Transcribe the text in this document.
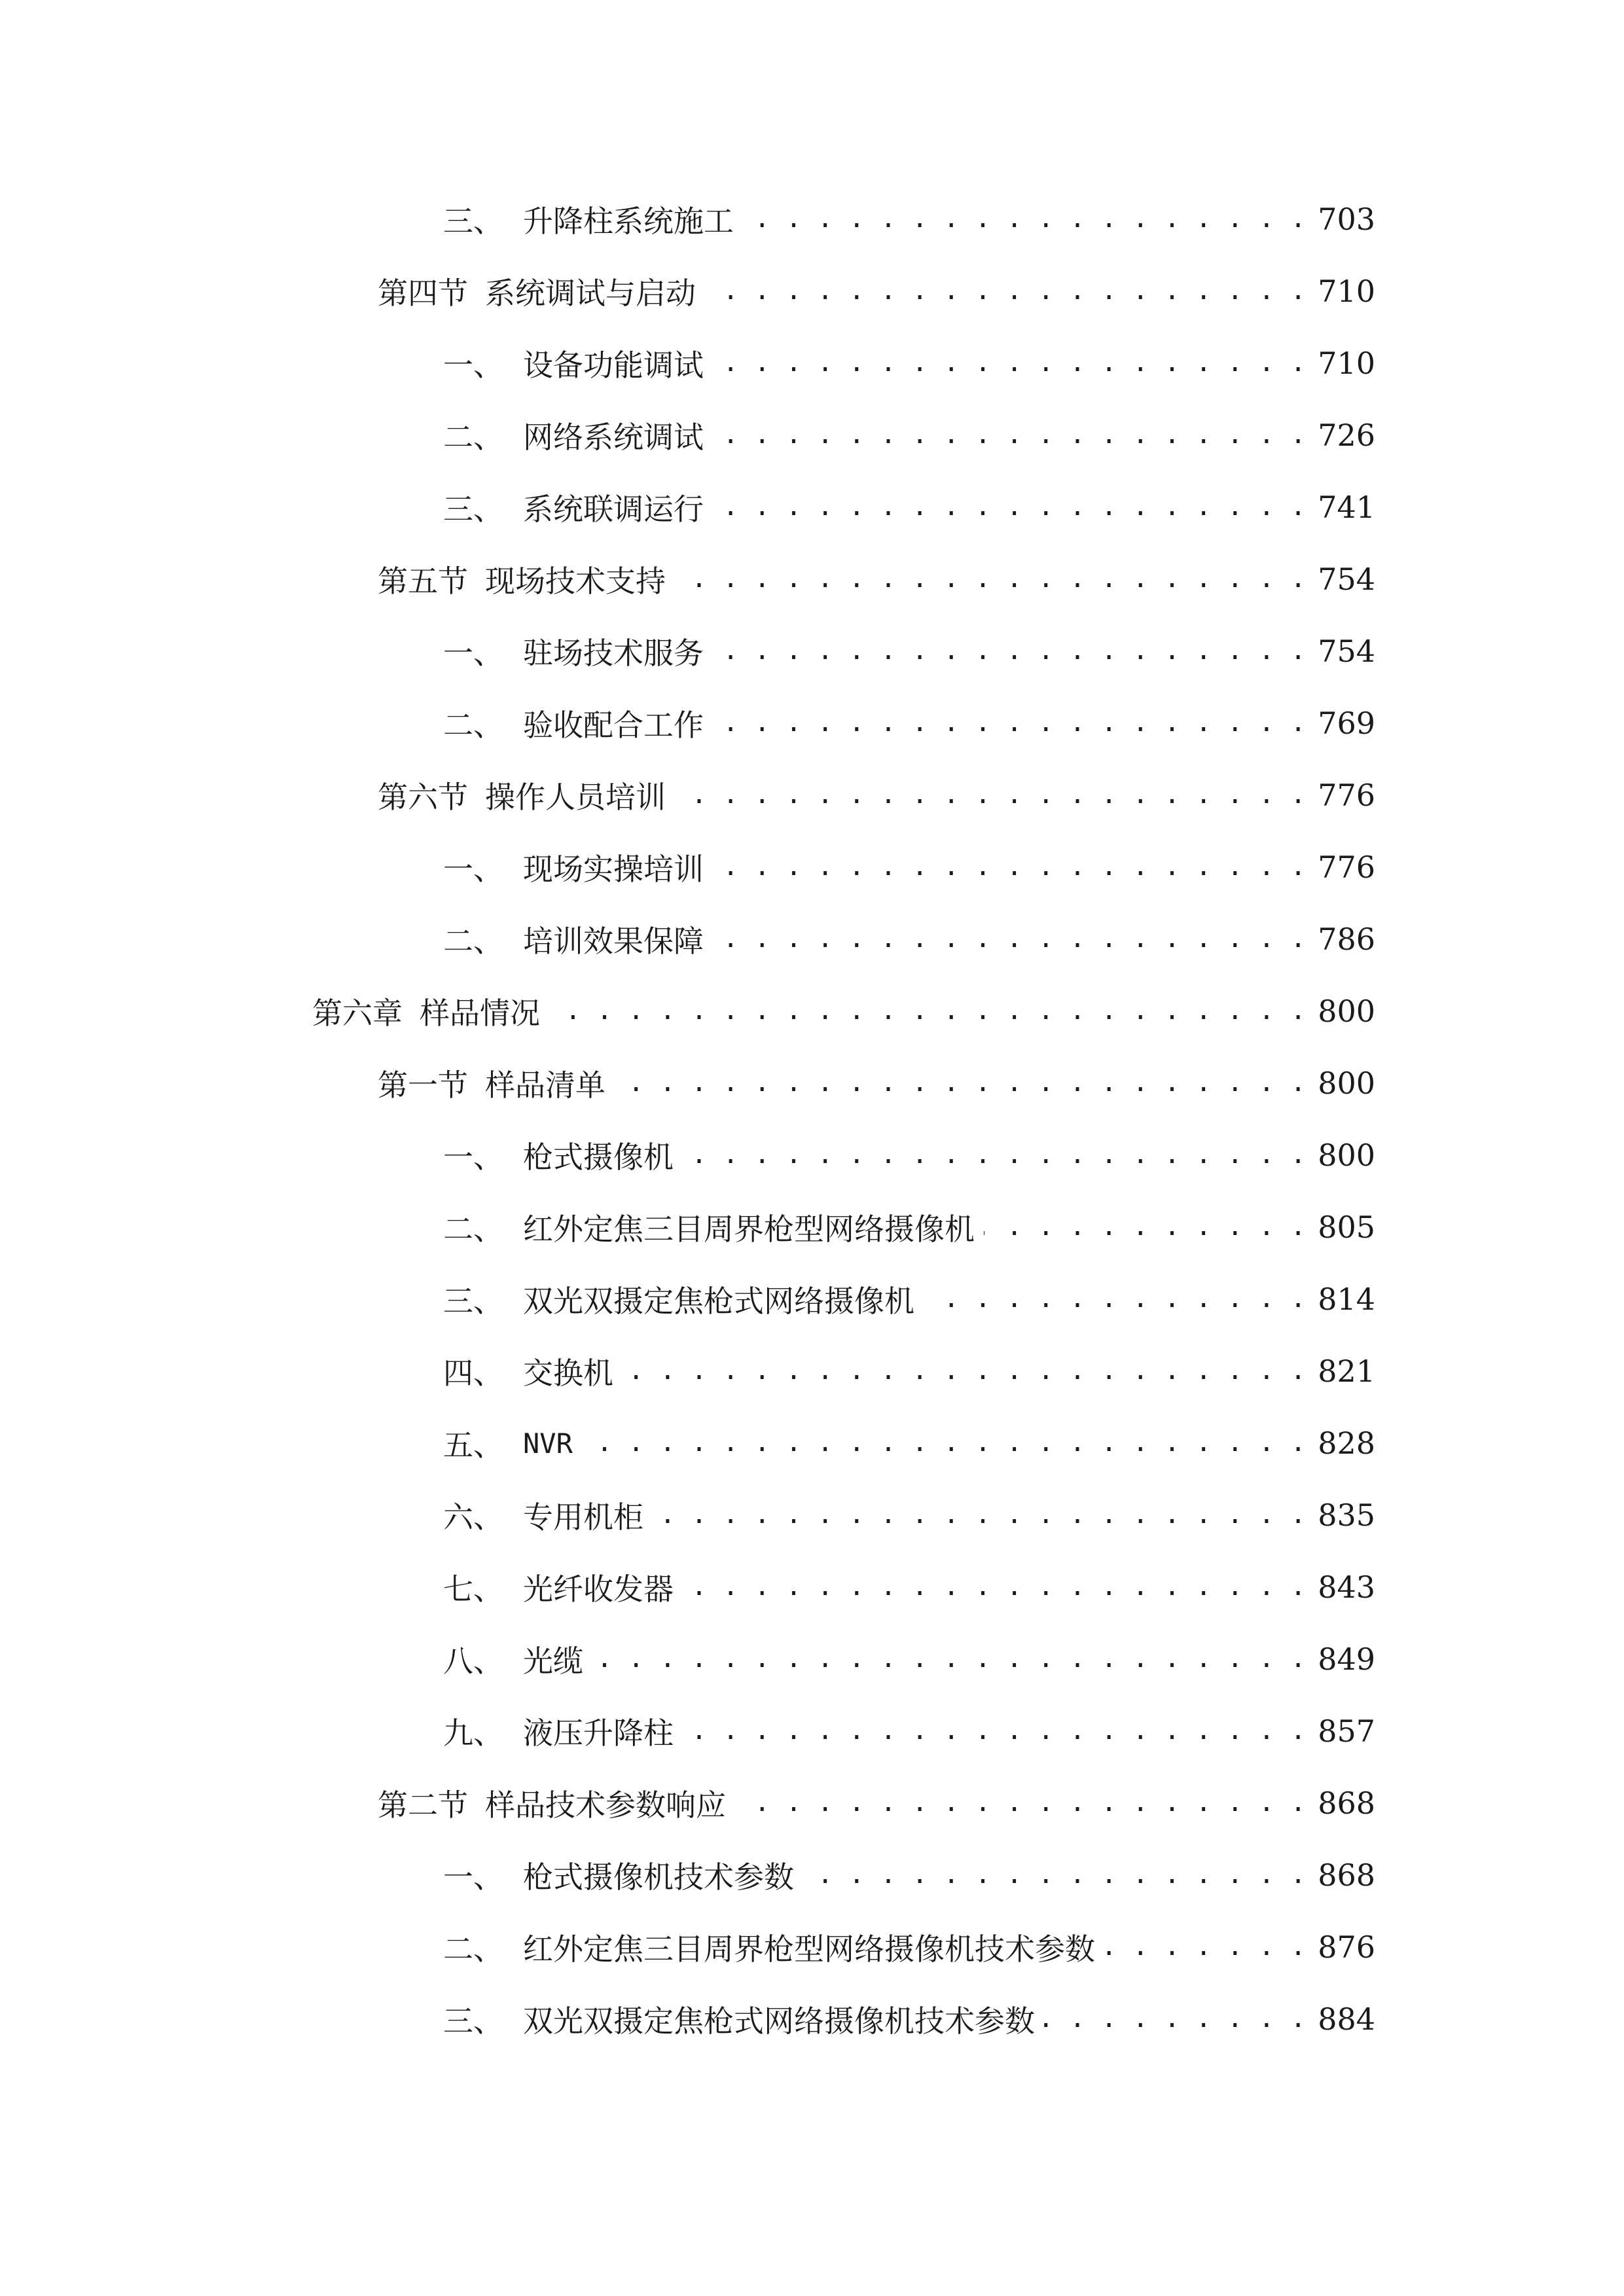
三、 升降柱系统施工 . . .	703
第四节 系统调试与启动 . . .	710
一、 设备功能调试 . . .	710
二、 网络系统调试 . . .	726
三、 系统联调运行 . . .	741
第五节 现场技术支持 . . .	754
一、 驻场技术服务 . . .	754
二、 验收配合工作 . . .	769
第六节 操作人员培训 . . .	776
一、 现场实操培训 . . .	776
二、 培训效果保障 . . .	786
第六章 样品情况 . . .	800
第一节 样品清单 . . .	800
一、 枪式摄像机 . . .	800
二、 红外定焦三目周界枪型网络摄像机 . . .	805
三、 双光双摄定焦枪式网络摄像机 . . .	814
四、 交换机 . . .	821
五、 NVR . . .	828
六、 专用机柜 . . .	835
七、 光纤收发器 . . .	843
八、 光缆 . . .	849
九、 液压升降柱 . . .	857
第二节 样品技术参数响应 . . .	868
一、 枪式摄像机技术参数 . . .	868
二、 红外定焦三目周界枪型网络摄像机技术参数 . . .	876
三、 双光双摄定焦枪式网络摄像机技术参数 . . .	884
